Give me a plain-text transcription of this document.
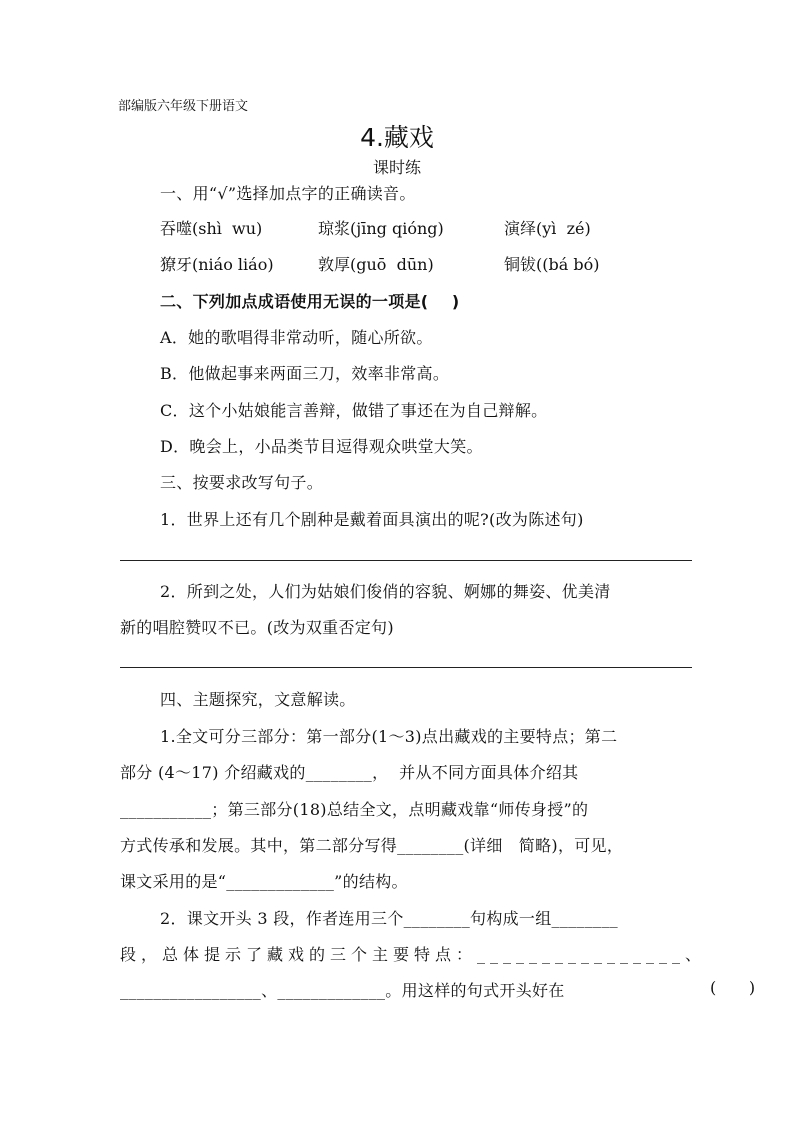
部编版六年级下册语文
4.藏戏
课时练
一、用“√”选择加点字的正确读音。
吞噬(shì  wu)	琼浆(jīng qióng)	演绎(yì  zé)
獠牙(niáo liáo)	敦厚(guō  dūn)	铜钹((bá bó)
二、下列加点成语使用无误的一项是(    )
A．她的歌唱得非常动听，随心所欲。
B．他做起事来两面三刀，效率非常高。
C．这个小姑娘能言善辩，做错了事还在为自己辩解。
D．晚会上，小品类节目逗得观众哄堂大笑。
三、按要求改写句子。
1．世界上还有几个剧种是戴着面具演出的呢?(改为陈述句)
2．所到之处，人们为姑娘们俊俏的容貌、婀娜的舞姿、优美清
新的唱腔赞叹不已。(改为双重否定句)
四、主题探究，文意解读。
1.全文可分三部分：第一部分(1～3)点出藏戏的主要特点；第二
部分 (4～17) 介绍藏戏的________，  并从不同方面具体介绍其
___________；第三部分(18)总结全文，点明藏戏靠“师传身授”的
方式传承和发展。其中，第二部分写得________(详细   简略)，可见，
课文采用的是“_____________”的结构。
2．课文开头 3 段，作者连用三个________句构成一组________
段，总体提示了藏戏的三个主要特点：________________、
_________________、_____________。用这样的句式开头好在	(      )
